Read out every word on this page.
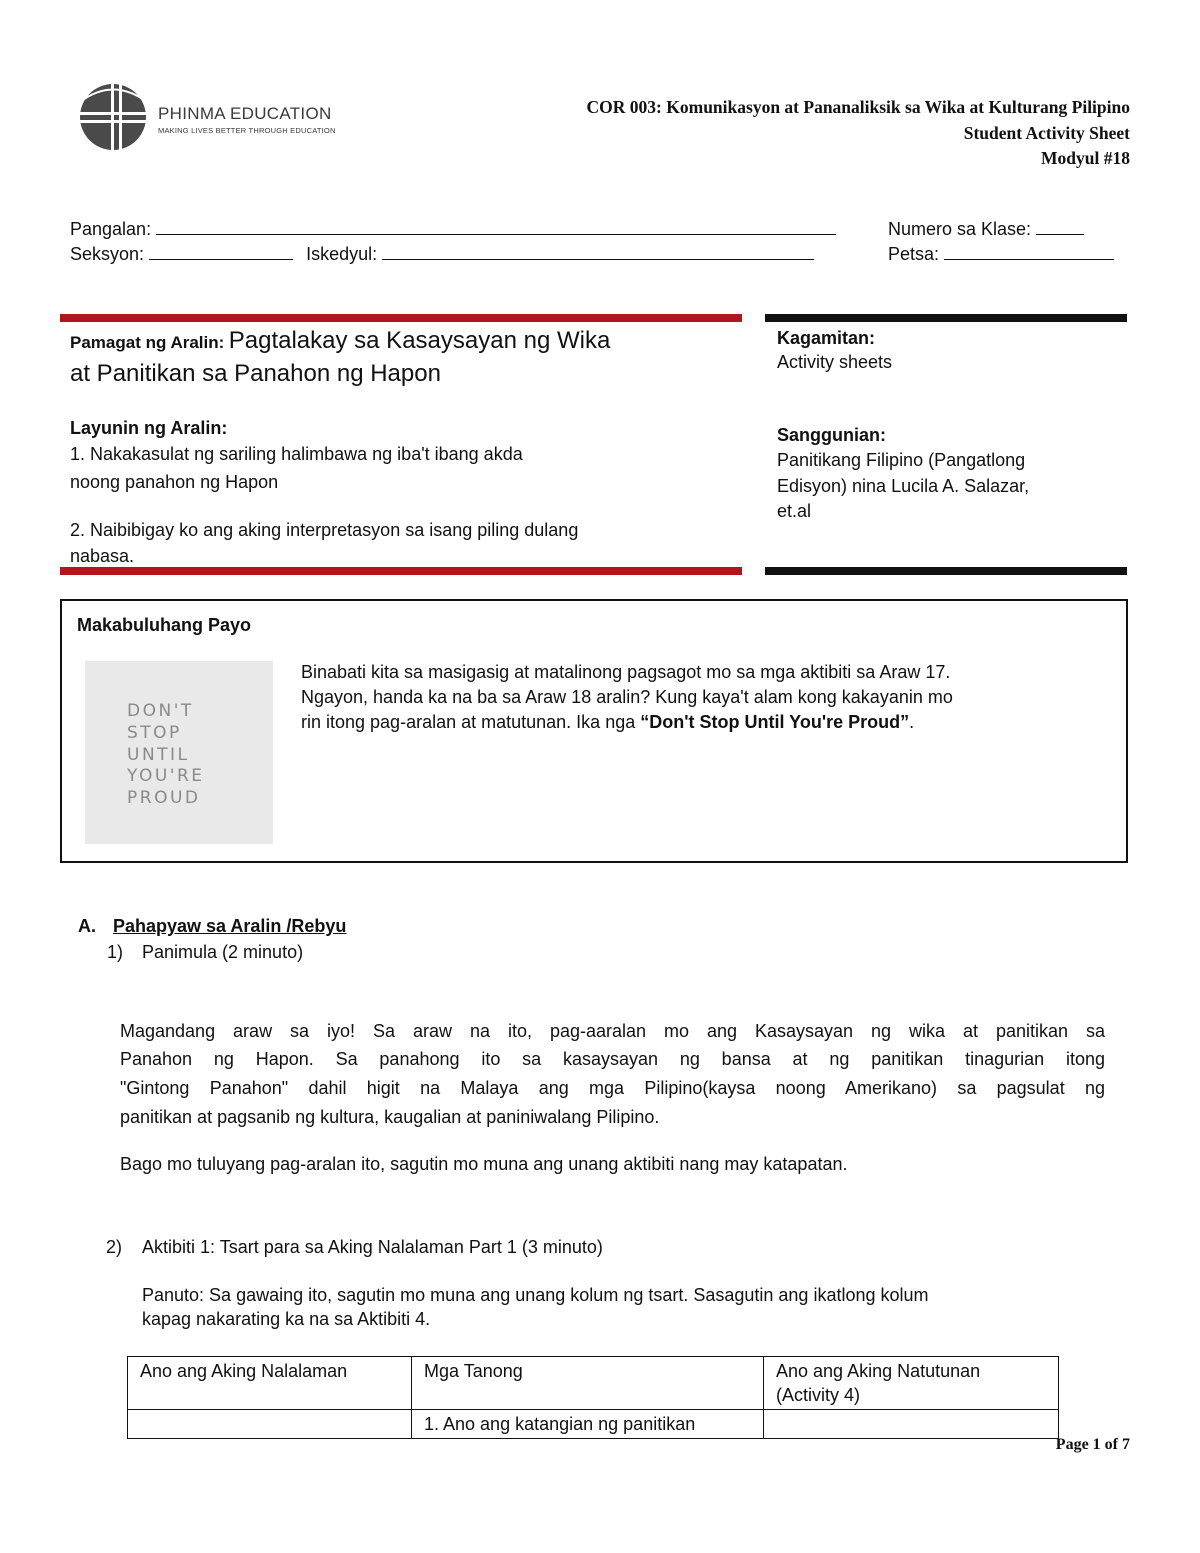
PHINMA EDUCATION
MAKING LIVES BETTER THROUGH EDUCATION
COR 003: Komunikasyon at Pananaliksik sa Wika at Kulturang Pilipino
Student Activity Sheet
Modyul #18
Pangalan:	Numero sa Klase:
Seksyon:	Iskedyul:	Petsa:
Pamagat ng Aralin: Pagtalakay sa Kasaysayan ng Wika
at Panitikan sa Panahon ng Hapon
Layunin ng Aralin:
1. Nakakasulat ng sariling halimbawa ng iba't ibang akda
noong panahon ng Hapon
2. Naibibigay ko ang aking interpretasyon sa isang piling dulang
nabasa.
Kagamitan:
Activity sheets
Sanggunian:
Panitikang Filipino (Pangatlong
Edisyon) nina Lucila A. Salazar,
et.al
Makabuluhang Payo
DON'T
STOP
UNTIL
YOU'RE
PROUD
Binabati kita sa masigasig at matalinong pagsagot mo sa mga aktibiti sa Araw 17.
Ngayon, handa ka na ba sa Araw 18 aralin? Kung kaya't alam kong kakayanin mo
rin itong pag-aralan at matutunan. Ika nga “Don't Stop Until You're Proud”.
A. Pahapyaw sa Aralin /Rebyu
1) Panimula (2 minuto)
Magandang araw sa iyo! Sa araw na ito, pag-aaralan mo ang Kasaysayan ng wika at panitikan sa
Panahon ng Hapon. Sa panahong ito sa kasaysayan ng bansa at ng panitikan tinagurian itong
"Gintong Panahon" dahil higit na Malaya ang mga Pilipino(kaysa noong Amerikano) sa pagsulat ng
panitikan at pagsanib ng kultura, kaugalian at paniniwalang Pilipino.
Bago mo tuluyang pag-aralan ito, sagutin mo muna ang unang aktibiti nang may katapatan.
2) Aktibiti 1: Tsart para sa Aking Nalalaman Part 1 (3 minuto)
Panuto: Sa gawaing ito, sagutin mo muna ang unang kolum ng tsart. Sasagutin ang ikatlong kolum
kapag nakarating ka na sa Aktibiti 4.
Ano ang Aking Nalalaman	Mga Tanong	Ano ang Aking Natutunan
(Activity 4)
	1. Ano ang katangian ng panitikan	
Page 1 of 7
